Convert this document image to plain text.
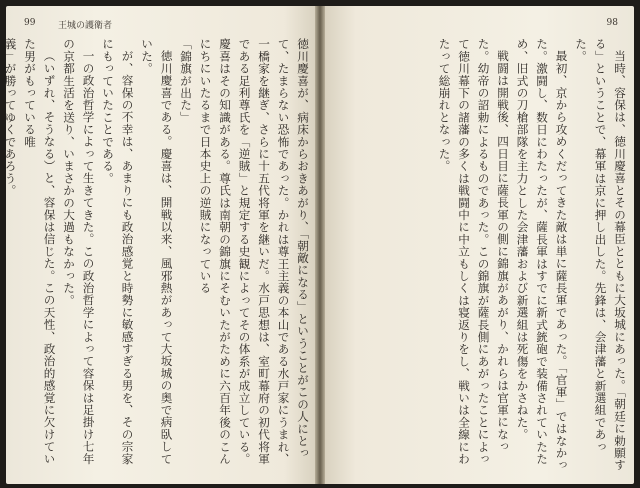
99	王城の護衛者

徳川慶喜が、病床からおきあがり、「朝敵になる」ということがこの人にとって、たまらない恐怖であった。かれは尊王主義の本山である水戸家にうまれ、一橋家を継ぎ、さらに十五代将軍を継いだ。水戸思想は、室町幕府の初代将軍である足利尊氏を「逆賊」と規定する史観によってその体系が成立している。慶喜はその知識がある。尊氏は南朝の錦旗にそむいたがために六百年後のこんにちにいたるまで日本史上の逆賊になっている

「錦旗が出た」

徳川慶喜である。慶喜は、開戦以来、風邪熱があって大坂城の奥で病臥していた。

が、容保の不幸は、あまりにも政治感覚と時勢に敏感すぎる男を、その宗家にもっていたことである。

一の政治哲学によって生きてきた。この政治哲学によって容保は足掛け七年の京都生活を送り、いまさかの大過もなかった。

（いずれ、そうなる）と、容保は信じた。この天性、政治的感覚に欠けていた男がもっている唯

義」が勝ってゆくであろう。

98

当時、容保は、徳川慶喜とその幕臣とともに大坂城にあった。「朝廷に勅願する」ということで、幕軍は京に押し出した。先鋒は、会津藩と新選組であった。

最初、京から攻めくだってきた敵は単に薩長軍であった。「官軍」ではなかった。激闘し、数日にわたったが、薩長軍はすでに新式銃砲で装備されていたため、旧式の刀槍部隊を主力とした会津藩および新選組は死傷をかさねた。

戦闘は開戦後、四日目に薩長軍の側に錦旗があがり、かれらは官軍になった。幼帝の詔勅によるものであった。この錦旗が薩長側にあがったことによって徳川幕下の諸藩の多くは戦闘中に中立もしくは寝返りをし、戦いは全線にわたって総崩れとなった。
